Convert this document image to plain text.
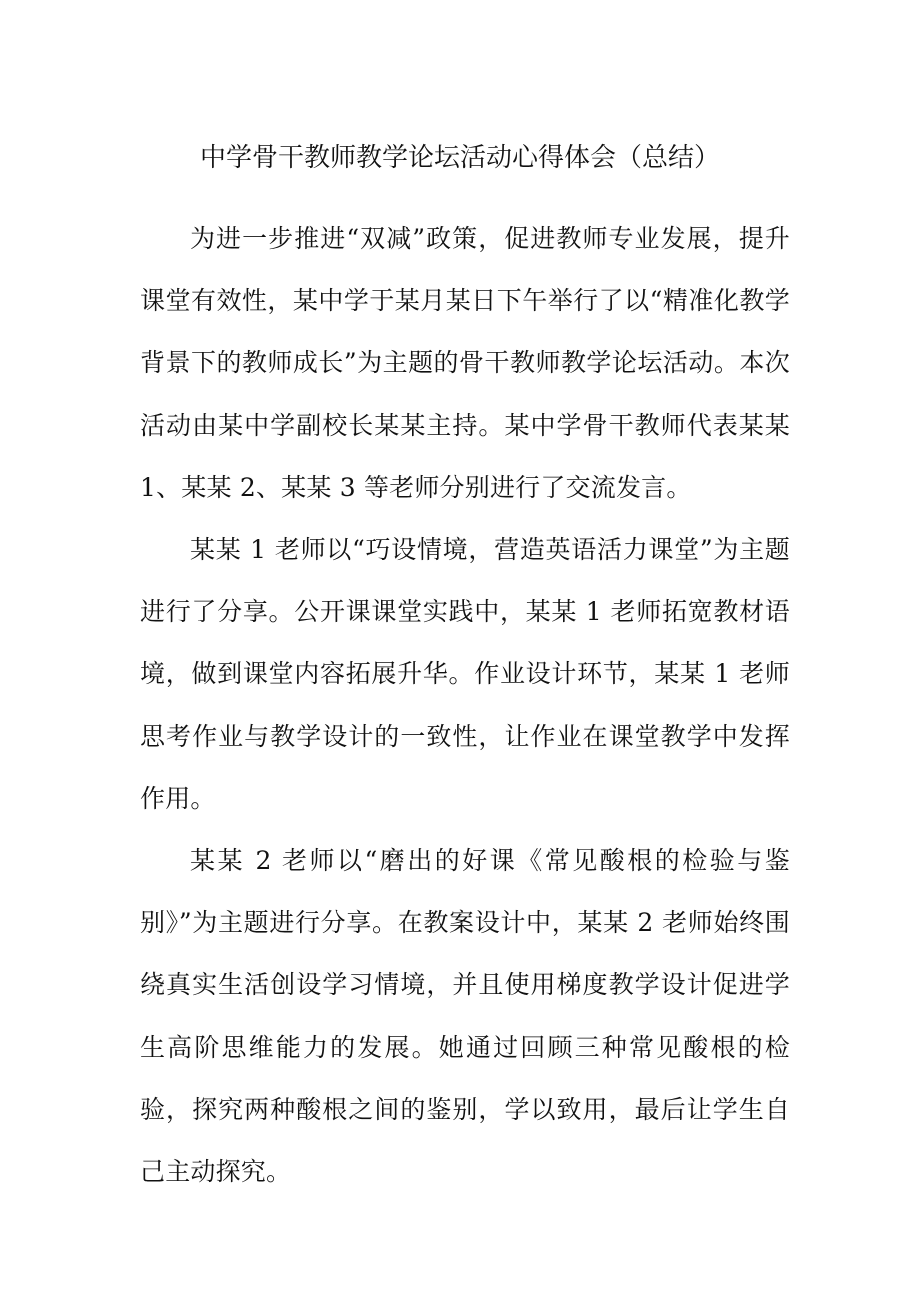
中学骨干教师教学论坛活动心得体会（总结）

为进一步推进“双减”政策，促进教师专业发展，提升课堂有效性，某中学于某月某日下午举行了以“精准化教学背景下的教师成长”为主题的骨干教师教学论坛活动。本次活动由某中学副校长某某主持。某中学骨干教师代表某某 1、某某 2、某某 3 等老师分别进行了交流发言。

某某 1 老师以“巧设情境，营造英语活力课堂”为主题进行了分享。公开课课堂实践中，某某 1 老师拓宽教材语境，做到课堂内容拓展升华。作业设计环节，某某 1 老师思考作业与教学设计的一致性，让作业在课堂教学中发挥作用。

某某 2 老师以“磨出的好课《常见酸根的检验与鉴别》”为主题进行分享。在教案设计中，某某 2 老师始终围绕真实生活创设学习情境，并且使用梯度教学设计促进学生高阶思维能力的发展。她通过回顾三种常见酸根的检验，探究两种酸根之间的鉴别，学以致用，最后让学生自己主动探究。
